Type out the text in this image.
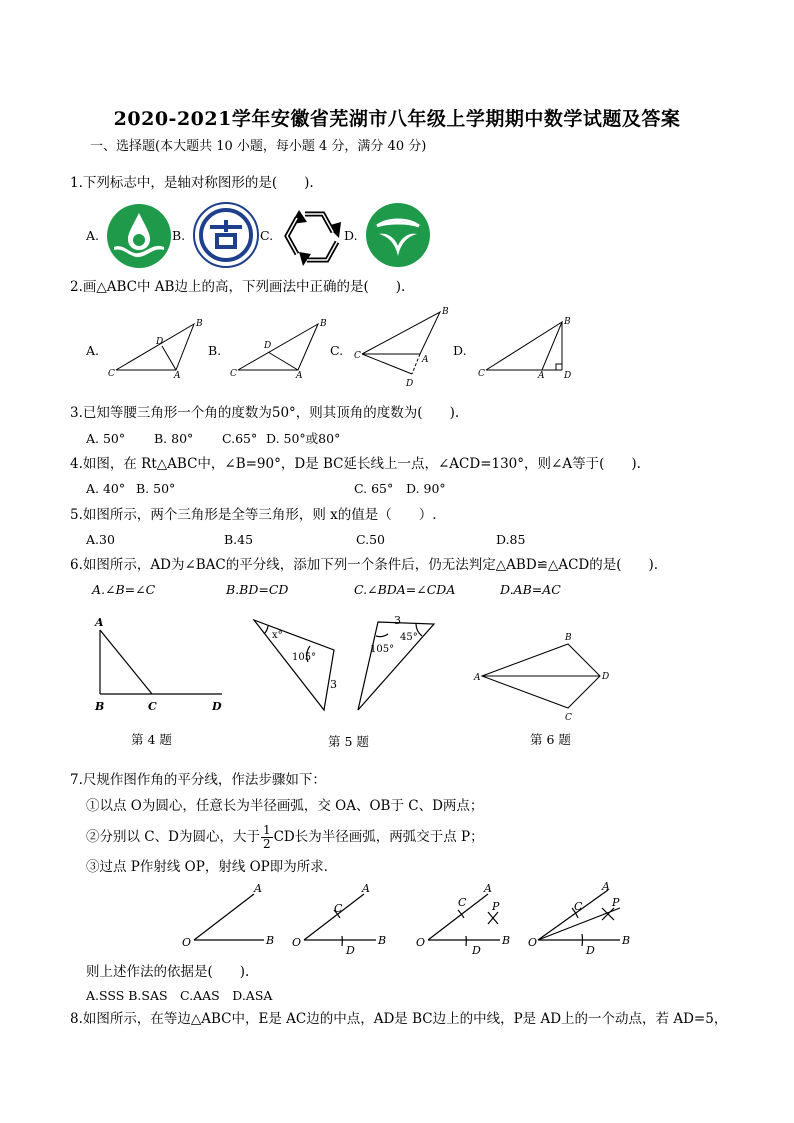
2020-2021学年安徽省芜湖市八年级上学期期中数学试题及答案
一、选择题(本大题共 10 小题，每小题 4 分，满分 40 分)
1.下列标志中，是轴对称图形的是(　　).
A.	B.	C.	D.
2.画△ABC中 AB边上的高，下列画法中正确的是(　　).
A.	B.	C.	D.
C
B
A
D
C
B
A
D
C
B
A
D
C
B
A D
3.已知等腰三角形一个角的度数为50°，则其顶角的度数为(　　).
A. 50° B. 80° C.65° D. 50°或80°
4.如图，在 Rt△ABC中，∠B=90°，D是 BC延长线上一点，∠ACD=130°，则∠A等于(　　).
A. 40° B. 50°	C. 65° D. 90°
5.如图所示，两个三角形是全等三角形，则 x的值是（　　）.
A.30	B.45	C.50	D.85
6.如图所示，AD为∠BAC的平分线，添加下列一个条件后，仍无法判定△ABD≌△ACD的是(　　).
A.∠B=∠C	B.BD=CD	C.∠BDA=∠CDA	D.AB=AC
A
B	C	D
第 4 题
x°
105°
3
3
45°
105°
第 5 题
A
B
D
C
第 6 题
7.尺规作图作角的平分线，作法步骤如下：
①以点 O为圆心，任意长为半径画弧，交 OA、OB于 C、D两点；
②分别以 C、D为圆心，大于 $\frac{1}{2}$ CD长为半径画弧，两弧交于点 P；
③过点 P作射线 OP，射线 OP即为所求．
O
A
B O
A
B
C
D
O
A
B
C
D
P
O
A
B
C
D
P
则上述作法的依据是(　　).
A.SSS B.SAS　C.AAS　D.ASA
8.如图所示，在等边△ABC中，E是 AC边的中点，AD是 BC边上的中线，P是 AD上的一个动点，若 AD=5，
